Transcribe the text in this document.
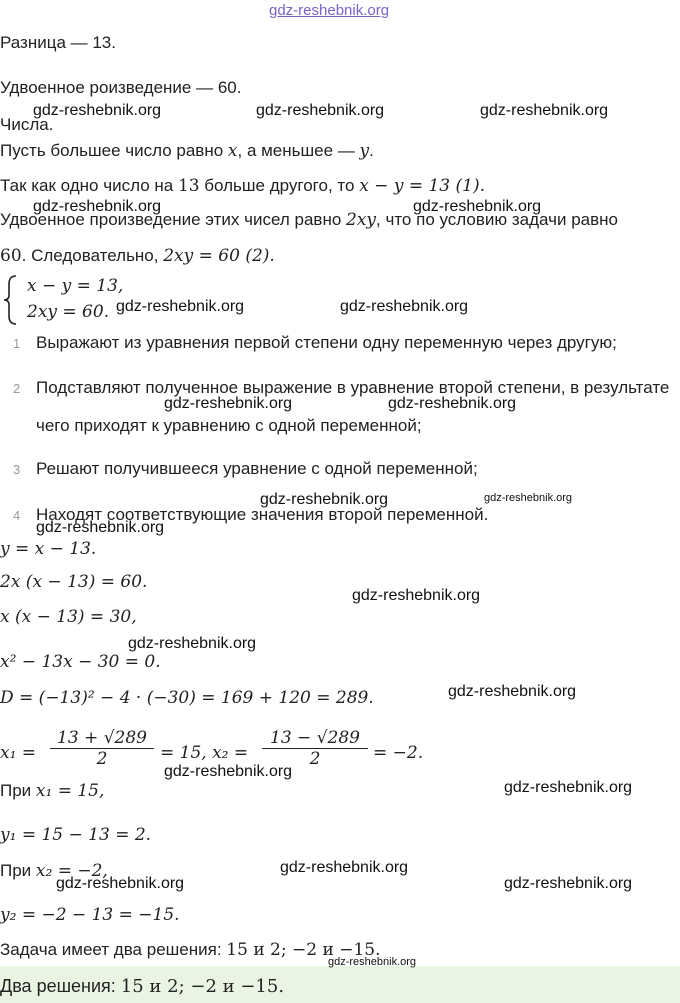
gdz-reshebnik.org
Разница — 13.
Удвоенное роизведение — 60.
Числа.
Пусть большее число равно x, а меньшее — y.
Так как одно число на 13 больше другого, то x − y = 13 (1).
Удвоенное произведение этих чисел равно 2xy, что по условию задачи равно
60. Следовательно, 2xy = 60 (2).
x − y = 13,
2xy = 60.
1 Выражают из уравнения первой степени одну переменную через другую;
2 Подставляют полученное выражение в уравнение второй степени, в результате чего приходят к уравнению с одной переменной;
3 Решают получившееся уравнение с одной переменной;
4 Находят соответствующие значения второй переменной.
y = x − 13.
2x (x − 13) = 60.
x (x − 13) = 30,
x² − 13x − 30 = 0.
D = (−13)² − 4 · (−30) = 169 + 120 = 289.
$x_1 = \frac{13 + √289}{2} = 15$, $x_2 = \frac{13 - √289}{2} = -2$.
При x₁ = 15,
y₁ = 15 − 13 = 2.
При x₂ = −2,
y₂ = −2 − 13 = −15.
Задача имеет два решения: 15 и 2; −2 и −15.
Два решения: 15 и 2; −2 и −15.
gdz-reshebnik.org	gdz-reshebnik.org	gdz-reshebnik.org
gdz-reshebnik.org	gdz-reshebnik.org
gdz-reshebnik.org	gdz-reshebnik.org
gdz-reshebnik.org	gdz-reshebnik.org
gdz-reshebnik.org	gdz-reshebnik.org
gdz-reshebnik.org
gdz-reshebnik.org
gdz-reshebnik.org
gdz-reshebnik.org
gdz-reshebnik.org
gdz-reshebnik.org
gdz-reshebnik.org
gdz-reshebnik.org	gdz-reshebnik.org
gdz-reshebnik.org
